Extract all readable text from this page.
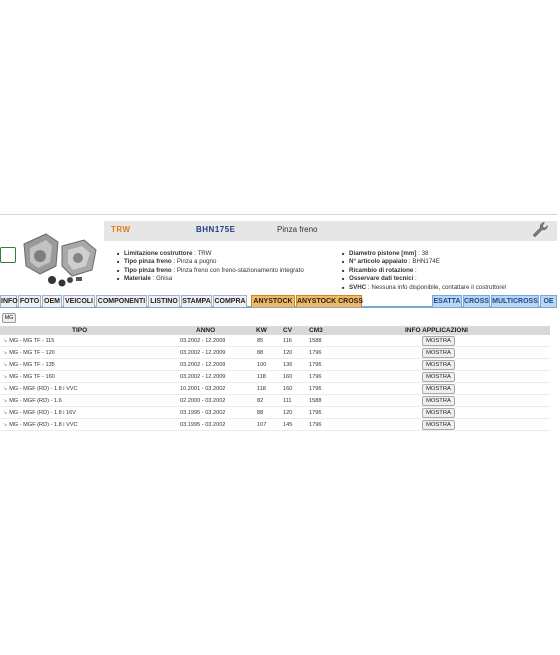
TRW	BHN175E	Pinza freno
■ Limitazione costruttore : TRW
■ Tipo pinza freno : Pinza a pugno
■ Tipo pinza freno : Pinza freno con freno-stazionamento integrato
■ Materiale : Ghisa
■ Diametro pistone [mm] : 38
■ N° articolo appaiato : BHN174E
■ Ricambio di rotazione :
■ Osservare dati tecnici :
■ SVHC : Nessuna info disponibile, contattare il costruttore!
INFO FOTO OEM VEICOLI COMPONENTI LISTINO STAMPA COMPRA	ANYSTOCK ANYSTOCK CROSS	ESATTA CROSS MULTICROSS OE
MG
TIPO	ANNO	KW CV	CM3	INFO APPLICAZIONI
↘ MG - MG TF - 115	03.2002 - 12.2009	85	116	1588	MOSTRA
↘ MG - MG TF - 120	03.2002 - 12.2009	88	120	1796	MOSTRA
↘ MG - MG TF - 135	03.2002 - 12.2009	100	136	1796	MOSTRA
↘ MG - MG TF - 160	03.2002 - 12.2009	118	160	1796	MOSTRA
↘ MG - MGF (RD) - 1.8 i VVC	10.2001 - 03.2002	118	160	1796	MOSTRA
↘ MG - MGF (RD) - 1.6	02.2000 - 03.2002	82	111	1588	MOSTRA
↘ MG - MGF (RD) - 1.8 i 16V	03.1995 - 03.2002	88	120	1796	MOSTRA
↘ MG - MGF (RD) - 1.8 i VVC	03.1995 - 03.2002	107	145	1796	MOSTRA
